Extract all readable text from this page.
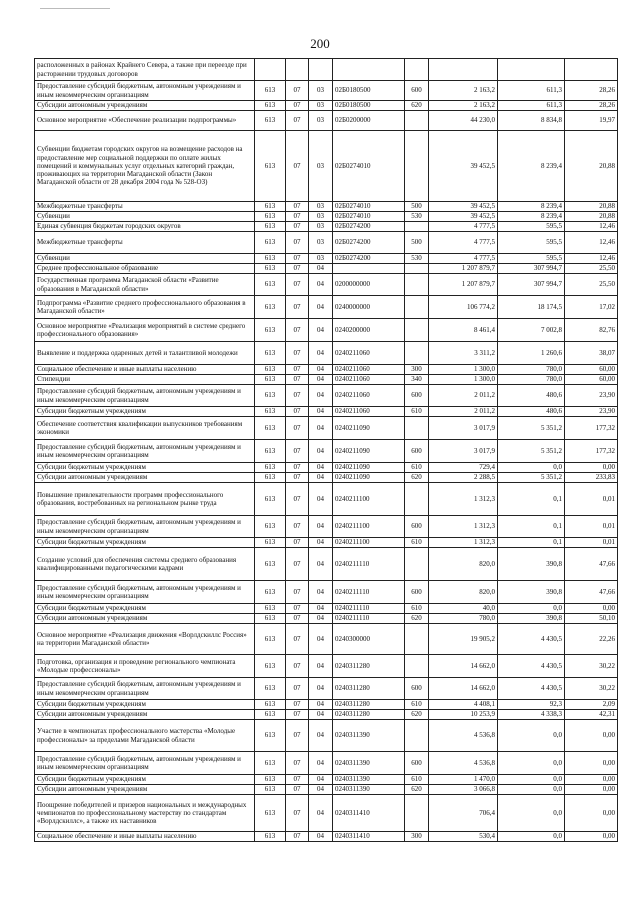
200
расположенных в районах Крайнего Севера, а также при переезде при расторжении трудовых договоров								
Предоставление субсидий бюджетным, автономным учреждениям и иным некоммерческим организациям	613	07	03	02Б0180500	600	2 163,2	611,3	28,26
Субсидии автономным учреждениям	613	07	03	02Б0180500	620	2 163,2	611,3	28,26
Основное мероприятие «Обеспечение реализации подпрограммы»	613	07	03	02Б0200000		44 230,0	8 834,8	19,97
Субвенции бюджетам городских округов на возмещение расходов на предоставление мер социальной поддержки по оплате жилых помещений и коммунальных услуг отдельных категорий граждан, проживающих на территории Магаданской области (Закон Магаданской области от 28 декабря 2004 года № 528-ОЗ)	613	07	03	02Б0274010		39 452,5	8 239,4	20,88
Межбюджетные трансферты	613	07	03	02Б0274010	500	39 452,5	8 239,4	20,88
Субвенции	613	07	03	02Б0274010	530	39 452,5	8 239,4	20,88
Единая субвенция бюджетам городских округов	613	07	03	02Б0274200		4 777,5	595,5	12,46
Межбюджетные трансферты	613	07	03	02Б0274200	500	4 777,5	595,5	12,46
Субвенции	613	07	03	02Б0274200	530	4 777,5	595,5	12,46
Среднее профессиональное образование	613	07	04			1 207 879,7	307 994,7	25,50
Государственная программа Магаданской области «Развитие образования в Магаданской области»	613	07	04	0200000000		1 207 879,7	307 994,7	25,50
Подпрограмма «Развитие среднего профессионального образования в Магаданской области»	613	07	04	0240000000		106 774,2	18 174,5	17,02
Основное мероприятие «Реализация мероприятий в системе среднего профессионального образования»	613	07	04	0240200000		8 461,4	7 002,8	82,76
Выявление и поддержка одаренных детей и талантливой молодежи	613	07	04	0240211060		3 311,2	1 260,6	38,07
Социальное обеспечение и иные выплаты населению	613	07	04	0240211060	300	1 300,0	780,0	60,00
Стипендии	613	07	04	0240211060	340	1 300,0	780,0	60,00
Предоставление субсидий бюджетным, автономным учреждениям и иным некоммерческим организациям	613	07	04	0240211060	600	2 011,2	480,6	23,90
Субсидии бюджетным учреждениям	613	07	04	0240211060	610	2 011,2	480,6	23,90
Обеспечение соответствия квалификации выпускников требованиям экономики	613	07	04	0240211090		3 017,9	5 351,2	177,32
Предоставление субсидий бюджетным, автономным учреждениям и иным некоммерческим организациям	613	07	04	0240211090	600	3 017,9	5 351,2	177,32
Субсидии бюджетным учреждениям	613	07	04	0240211090	610	729,4	0,0	0,00
Субсидии автономным учреждениям	613	07	04	0240211090	620	2 288,5	5 351,2	233,83
Повышение привлекательности программ профессионального образования, востребованных на региональном рынке труда	613	07	04	0240211100		1 312,3	0,1	0,01
Предоставление субсидий бюджетным, автономным учреждениям и иным некоммерческим организациям	613	07	04	0240211100	600	1 312,3	0,1	0,01
Субсидии бюджетным учреждениям	613	07	04	0240211100	610	1 312,3	0,1	0,01
Создание условий для обеспечения системы среднего образования квалифицированными педагогическими кадрами	613	07	04	0240211110		820,0	390,8	47,66
Предоставление субсидий бюджетным, автономным учреждениям и иным некоммерческим организациям	613	07	04	0240211110	600	820,0	390,8	47,66
Субсидии бюджетным учреждениям	613	07	04	0240211110	610	40,0	0,0	0,00
Субсидии автономным учреждениям	613	07	04	0240211110	620	780,0	390,8	50,10
Основное мероприятие «Реализация движения «Ворлдскиллс Россия» на территории Магаданской области»	613	07	04	0240300000		19 905,2	4 430,5	22,26
Подготовка, организация и проведение регионального чемпионата «Молодые профессионалы»	613	07	04	0240311280		14 662,0	4 430,5	30,22
Предоставление субсидий бюджетным, автономным учреждениям и иным некоммерческим организациям	613	07	04	0240311280	600	14 662,0	4 430,5	30,22
Субсидии бюджетным учреждениям	613	07	04	0240311280	610	4 408,1	92,3	2,09
Субсидии автономным учреждениям	613	07	04	0240311280	620	10 253,9	4 338,3	42,31
Участие в чемпионатах профессионального мастерства «Молодые профессионалы» за пределами Магаданской области	613	07	04	0240311390		4 536,8	0,0	0,00
Предоставление субсидий бюджетным, автономным учреждениям и иным некоммерческим организациям	613	07	04	0240311390	600	4 536,8	0,0	0,00
Субсидии бюджетным учреждениям	613	07	04	0240311390	610	1 470,0	0,0	0,00
Субсидии автономным учреждениям	613	07	04	0240311390	620	3 066,8	0,0	0,00
Поощрение победителей и призеров национальных и международных чемпионатов по профессиональному мастерству по стандартам «Ворлдскиллс», а также их наставников	613	07	04	0240311410		706,4	0,0	0,00
Социальное обеспечение и иные выплаты населению	613	07	04	0240311410	300	530,4	0,0	0,00
